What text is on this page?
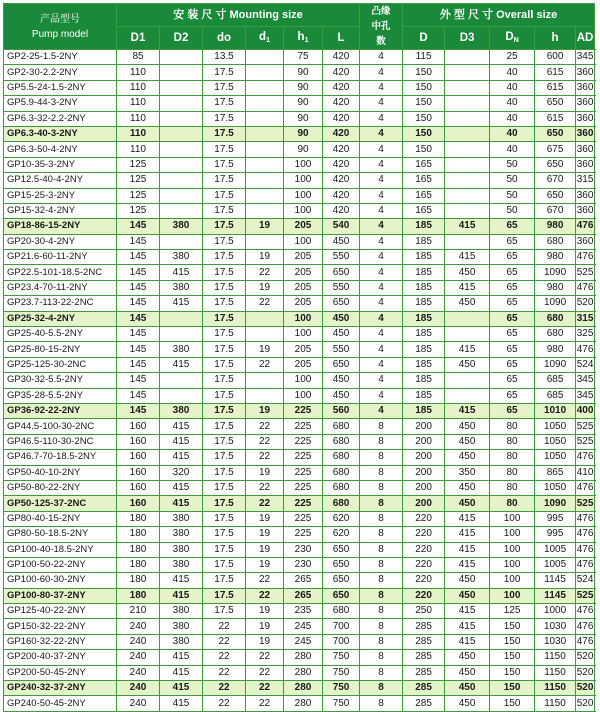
产品型号
Pump model	安 装 尺 寸 Mounting size						凸缘中孔数	外 型 尺 寸 Overall size				
	D1	D2	do	$d_1$	$h_1$	L		D	D3	$D_N$	h	AD
GP2-25-1.5-2NY	85		13.5		75	420	4	115		25	600	345
GP2-30-2.2-2NY	110		17.5		90	420	4	150		40	615	360
GP5.5-24-1.5-2NY	110		17.5		90	420	4	150		40	615	360
GP5.9-44-3-2NY	110		17.5		90	420	4	150		40	650	360
GP6.3-32-2.2-2NY	110		17.5		90	420	4	150		40	615	360
GP6.3-40-3-2NY	110		17.5		90	420	4	150		40	650	360
GP6.3-50-4-2NY	110		17.5		90	420	4	150		40	675	360
GP10-35-3-2NY	125		17.5		100	420	4	165		50	650	360
GP12.5-40-4-2NY	125		17.5		100	420	4	165		50	670	315
GP15-25-3-2NY	125		17.5		100	420	4	165		50	650	360
GP15-32-4-2NY	125		17.5		100	420	4	165		50	670	360
GP18-86-15-2NY	145	380	17.5	19	205	540	4	185	415	65	980	476
GP20-30-4-2NY	145		17.5		100	450	4	185		65	680	360
GP21.6-60-11-2NY	145	380	17.5	19	205	550	4	185	415	65	980	476
GP22.5-101-18.5-2NC	145	415	17.5	22	205	650	4	185	450	65	1090	525
GP23.4-70-11-2NY	145	380	17.5	19	205	550	4	185	415	65	980	476
GP23.7-113-22-2NC	145	415	17.5	22	205	650	4	185	450	65	1090	520
GP25-32-4-2NY	145		17.5		100	450	4	185		65	680	315
GP25-40-5.5-2NY	145		17.5		100	450	4	185		65	680	325
GP25-80-15-2NY	145	380	17.5	19	205	550	4	185	415	65	980	476
GP25-125-30-2NC	145	415	17.5	22	205	650	4	185	450	65	1090	524
GP30-32-5.5-2NY	145		17.5		100	450	4	185		65	685	345
GP35-28-5.5-2NY	145		17.5		100	450	4	185		65	685	345
GP36-92-22-2NY	145	380	17.5	19	225	560	4	185	415	65	1010	400
GP44.5-100-30-2NC	160	415	17.5	22	225	680	8	200	450	80	1050	525
GP46.5-110-30-2NC	160	415	17.5	22	225	680	8	200	450	80	1050	525
GP46.7-70-18.5-2NY	160	415	17.5	22	225	680	8	200	450	80	1050	476
GP50-40-10-2NY	160	320	17.5	19	225	680	8	200	350	80	865	410
GP50-80-22-2NY	160	415	17.5	22	225	680	8	200	450	80	1050	476
GP50-125-37-2NC	160	415	17.5	22	225	680	8	200	450	80	1090	525
GP80-40-15-2NY	180	380	17.5	19	225	620	8	220	415	100	995	476
GP80-50-18.5-2NY	180	380	17.5	19	225	620	8	220	415	100	995	476
GP100-40-18.5-2NY	180	380	17.5	19	230	650	8	220	415	100	1005	476
GP100-50-22-2NY	180	380	17.5	19	230	650	8	220	415	100	1005	476
GP100-60-30-2NY	180	415	17.5	22	265	650	8	220	450	100	1145	524
GP100-80-37-2NY	180	415	17.5	22	265	650	8	220	450	100	1145	525
GP125-40-22-2NY	210	380	17.5	19	235	680	8	250	415	125	1000	476
GP150-32-22-2NY	240	380	22	19	245	700	8	285	415	150	1030	476
GP160-32-22-2NY	240	380	22	19	245	700	8	285	415	150	1030	476
GP200-40-37-2NY	240	415	22	22	280	750	8	285	450	150	1150	520
GP200-50-45-2NY	240	415	22	22	280	750	8	285	450	150	1150	520
GP240-32-37-2NY	240	415	22	22	280	750	8	285	450	150	1150	520
GP240-50-45-2NY	240	415	22	22	280	750	8	285	450	150	1150	520
